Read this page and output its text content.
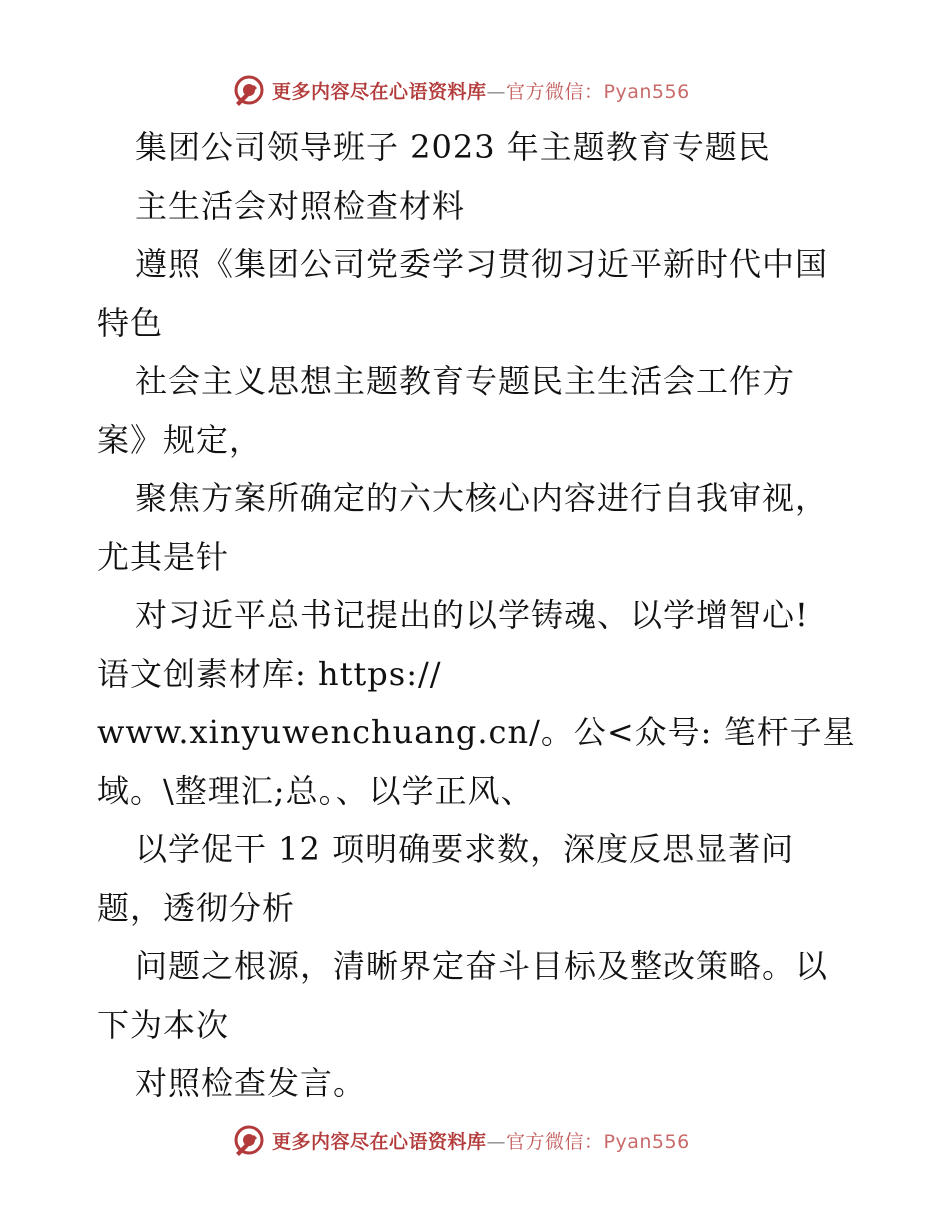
更多内容尽在心语资料库—官方微信：Pyan556
集团公司领导班子 2023 年主题教育专题民
主生活会对照检查材料
遵照《集团公司党委学习贯彻习近平新时代中国
特色
社会主义思想主题教育专题民主生活会工作方
案》规定，
聚焦方案所确定的六大核心内容进行自我审视，
尤其是针
对习近平总书记提出的以学铸魂、以学增智心!
语文创素材库: https://
www.xinyuwenchuang.cn/。公<众号: 笔杆子星
域。\整理汇;总。、以学正风、
以学促干 12 项明确要求数，深度反思显著问
题，透彻分析
问题之根源，清晰界定奋斗目标及整改策略。以
下为本次
对照检查发言。
更多内容尽在心语资料库—官方微信：Pyan556
